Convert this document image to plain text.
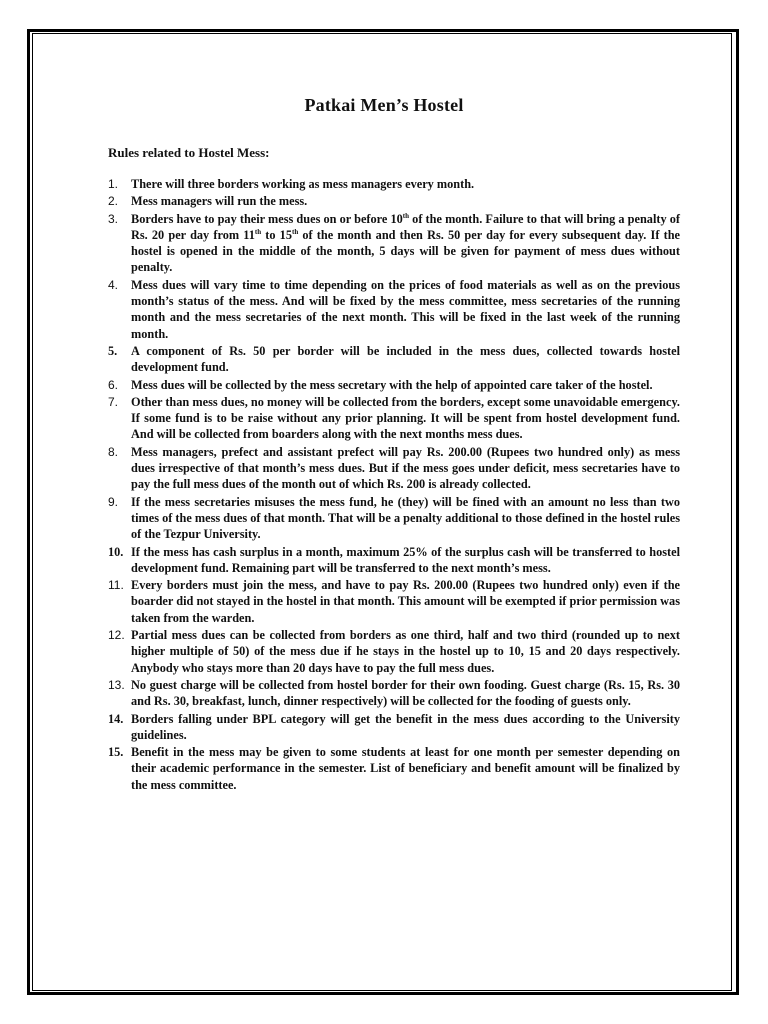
Patkai Men’s Hostel
Rules related to Hostel Mess:
1. There will three borders working as mess managers every month.
2. Mess managers will run the mess.
3. Borders have to pay their mess dues on or before 10th of the month. Failure to that will bring a penalty of Rs. 20 per day from 11th to 15th of the month and then Rs. 50 per day for every subsequent day. If the hostel is opened in the middle of the month, 5 days will be given for payment of mess dues without penalty.
4. Mess dues will vary time to time depending on the prices of food materials as well as on the previous month’s status of the mess. And will be fixed by the mess committee, mess secretaries of the running month and the mess secretaries of the next month. This will be fixed in the last week of the running month.
5. A component of Rs. 50 per border will be included in the mess dues, collected towards hostel development fund.
6. Mess dues will be collected by the mess secretary with the help of appointed care taker of the hostel.
7. Other than mess dues, no money will be collected from the borders, except some unavoidable emergency. If some fund is to be raise without any prior planning. It will be spent from hostel development fund. And will be collected from boarders along with the next months mess dues.
8. Mess managers, prefect and assistant prefect will pay Rs. 200.00 (Rupees two hundred only) as mess dues irrespective of that month’s mess dues. But if the mess goes under deficit, mess secretaries have to pay the full mess dues of the month out of which Rs. 200 is already collected.
9. If the mess secretaries misuses the mess fund, he (they) will be fined with an amount no less than two times of the mess dues of that month. That will be a penalty additional to those defined in the hostel rules of the Tezpur University.
10. If the mess has cash surplus in a month, maximum 25% of the surplus cash will be transferred to hostel development fund. Remaining part will be transferred to the next month’s mess.
11. Every borders must join the mess, and have to pay Rs. 200.00 (Rupees two hundred only) even if the boarder did not stayed in the hostel in that month. This amount will be exempted if prior permission was taken from the warden.
12. Partial mess dues can be collected from borders as one third, half and two third (rounded up to next higher multiple of 50) of the mess due if he stays in the hostel up to 10, 15 and 20 days respectively. Anybody who stays more than 20 days have to pay the full mess dues.
13. No guest charge will be collected from hostel border for their own fooding. Guest charge (Rs. 15, Rs. 30 and Rs. 30, breakfast, lunch, dinner respectively) will be collected for the fooding of guests only.
14. Borders falling under BPL category will get the benefit in the mess dues according to the University guidelines.
15. Benefit in the mess may be given to some students at least for one month per semester depending on their academic performance in the semester. List of beneficiary and benefit amount will be finalized by the mess committee.
